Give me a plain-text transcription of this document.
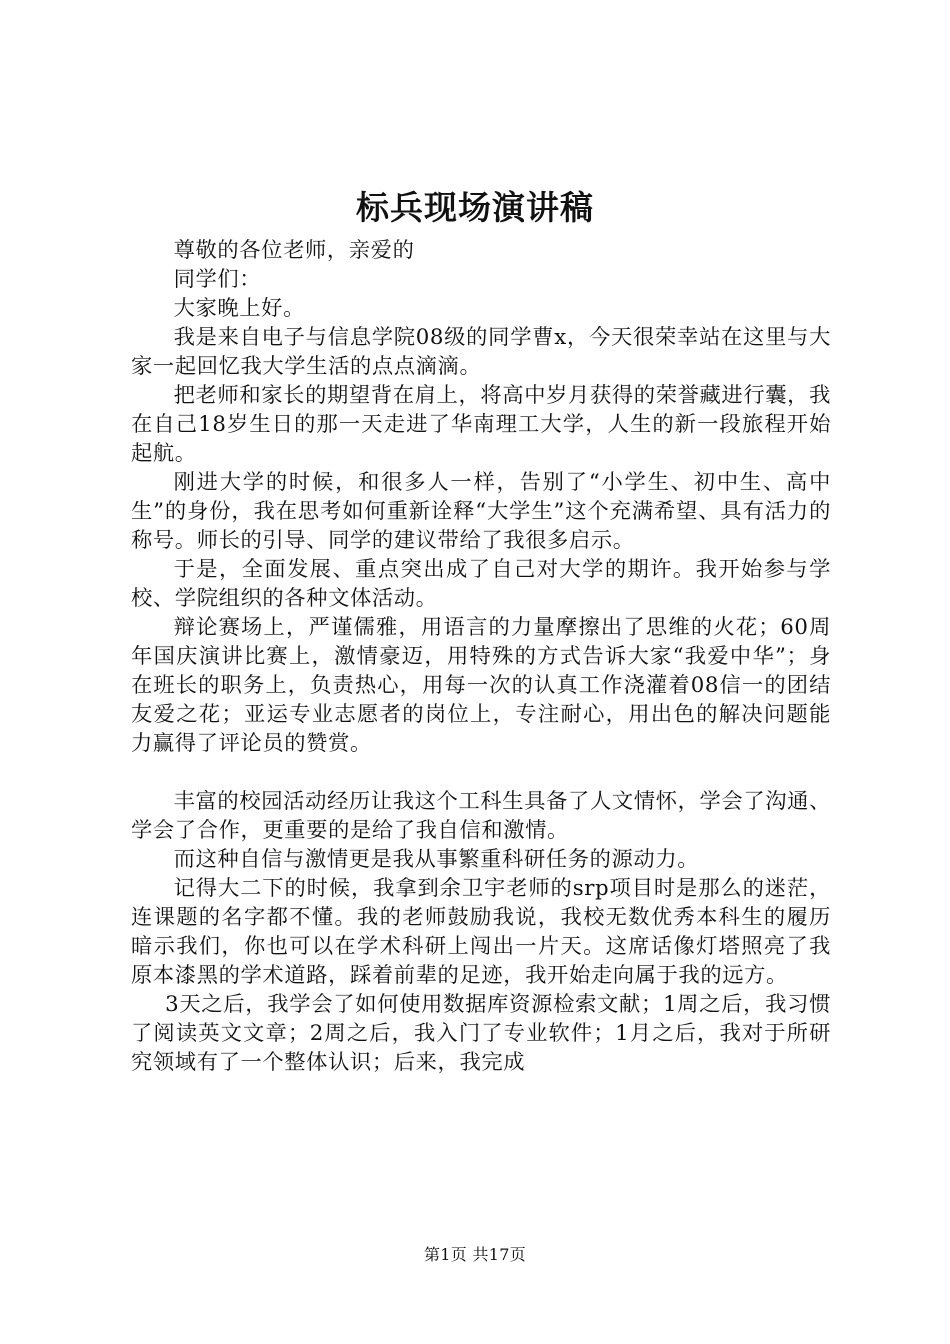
标兵现场演讲稿

尊敬的各位老师，亲爱的

同学们：

大家晚上好。

我是来自电子与信息学院08级的同学曹x，今天很荣幸站在这里与大家一起回忆我大学生活的点点滴滴。

把老师和家长的期望背在肩上，将高中岁月获得的荣誉藏进行囊，我在自己18岁生日的那一天走进了华南理工大学，人生的新一段旅程开始起航。

刚进大学的时候，和很多人一样，告别了“小学生、初中生、高中生”的身份，我在思考如何重新诠释“大学生”这个充满希望、具有活力的称号。师长的引导、同学的建议带给了我很多启示。

于是，全面发展、重点突出成了自己对大学的期许。我开始参与学校、学院组织的各种文体活动。

辩论赛场上，严谨儒雅，用语言的力量摩擦出了思维的火花；60周年国庆演讲比赛上，激情豪迈，用特殊的方式告诉大家“我爱中华”；身在班长的职务上，负责热心，用每一次的认真工作浇灌着08信一的团结友爱之花；亚运专业志愿者的岗位上，专注耐心，用出色的解决问题能力赢得了评论员的赞赏。

丰富的校园活动经历让我这个工科生具备了人文情怀，学会了沟通、学会了合作，更重要的是给了我自信和激情。

而这种自信与激情更是我从事繁重科研任务的源动力。

记得大二下的时候，我拿到余卫宇老师的srp项目时是那么的迷茫，连课题的名字都不懂。我的老师鼓励我说，我校无数优秀本科生的履历暗示我们，你也可以在学术科研上闯出一片天。这席话像灯塔照亮了我原本漆黑的学术道路，踩着前辈的足迹，我开始走向属于我的远方。

3天之后，我学会了如何使用数据库资源检索文献；1周之后，我习惯了阅读英文文章；2周之后，我入门了专业软件；1月之后，我对于所研究领域有了一个整体认识；后来，我完成

第1页 共17页
